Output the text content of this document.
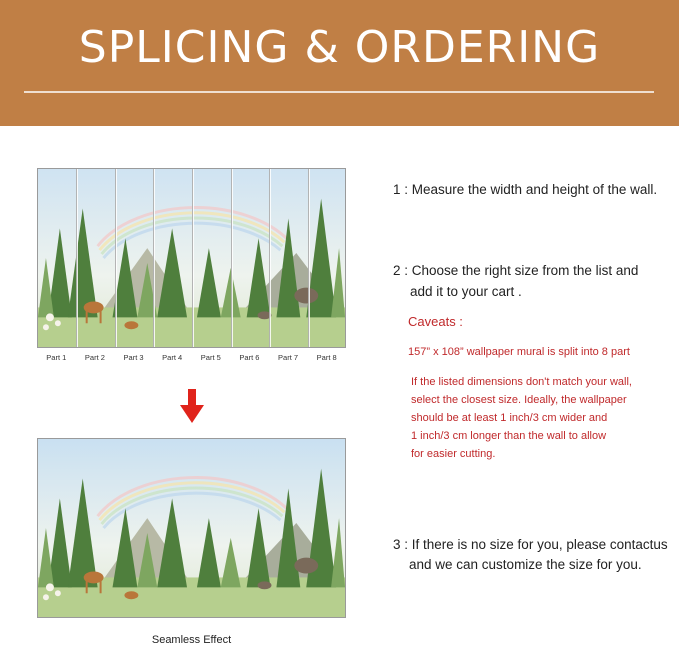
SPLICING & ORDERING
Part 1	Part 2	Part 3	Part 4	Part 5	Part 6	Part 7	Part 8
Seamless Effect
1 : Measure the width and height of the wall.
2 : Choose the right size from the list and
add it to your cart .
Caveats :
157” x 108” wallpaper mural is split into 8 part
If the listed dimensions don't match your wall,
select the closest size. Ideally, the wallpaper
should be at least 1 inch/3 cm wider and
1 inch/3 cm longer than the wall to allow
for easier cutting.
3 : If there is no size for you, please contactus
and we can customize the size for you.
